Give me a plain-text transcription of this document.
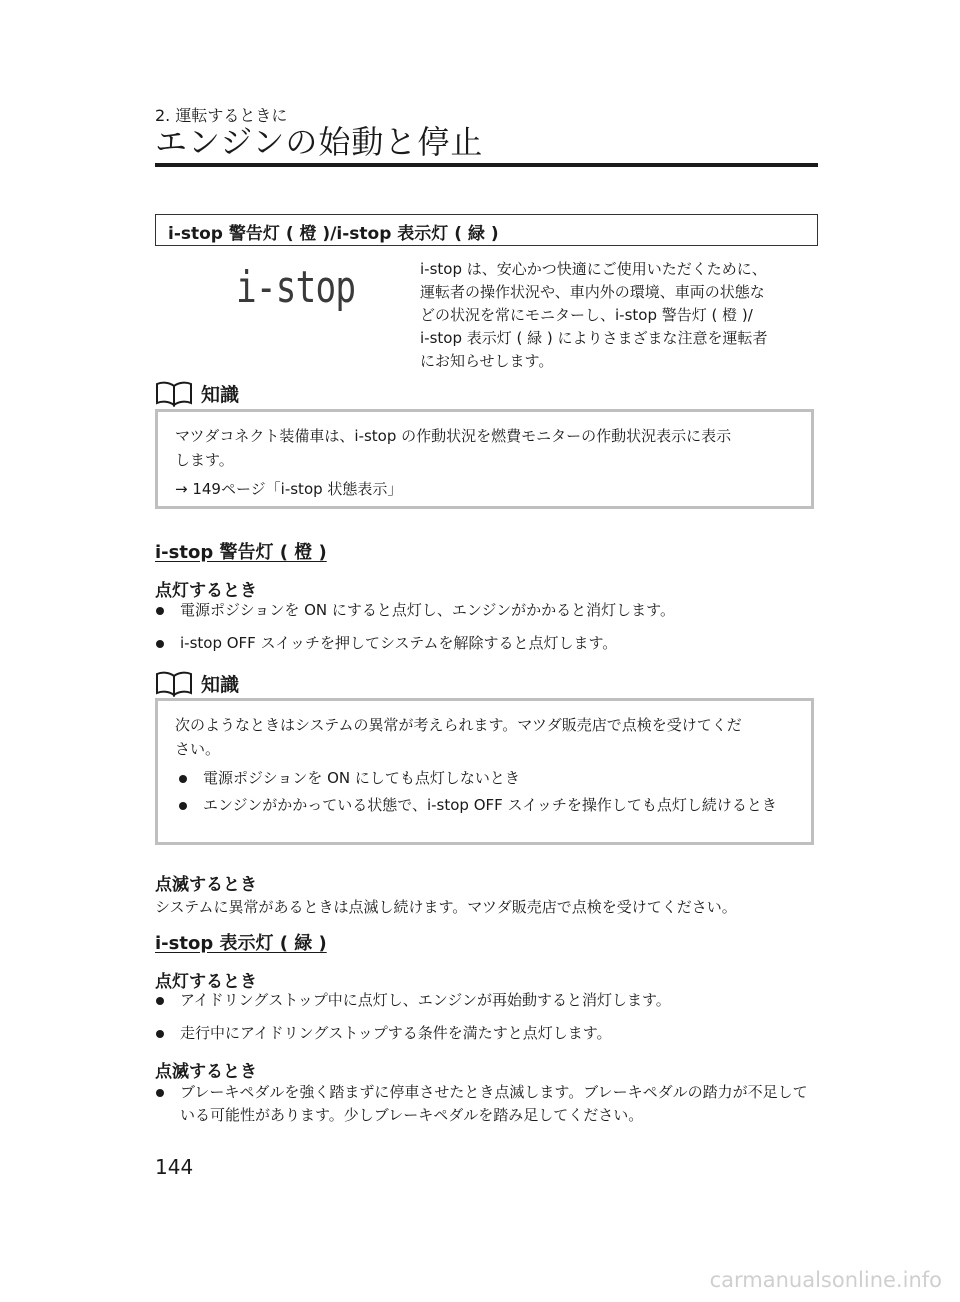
2. 運転するときに
エンジンの始動と停止
i-stop 警告灯 ( 橙 )/i-stop 表示灯 ( 緑 )
i-stop	i-stop は、安心かつ快適にご使用いただくために、

運転者の操作状況や、車内外の環境、車両の状態な

どの状況を常にモニターし、i-stop 警告灯 ( 橙 )/

i-stop 表示灯 ( 緑 ) によりさまざまな注意を運転者

にお知らせします。

知識

マツダコネクト装備車は、i-stop の作動状況を燃費モニターの作動状況表示に表示

します。

→ 149ページ「i-stop 状態表示」

i-stop 警告灯 ( 橙 )
点灯するとき
電源ポジションを ON にすると点灯し、エンジンがかかると消灯します。
i-stop OFF スイッチを押してシステムを解除すると点灯します。
知識

次のようなときはシステムの異常が考えられます。マツダ販売店で点検を受けてくだ

さい。

電源ポジションを ON にしても点灯しないとき
エンジンがかかっている状態で、i-stop OFF スイッチを操作しても点灯し続けるとき
点滅するとき
システムに異常があるときは点滅し続けます。マツダ販売店で点検を受けてください。
i-stop 表示灯 ( 緑 )
点灯するとき
アイドリングストップ中に点灯し、エンジンが再始動すると消灯します。
走行中にアイドリングストップする条件を満たすと点灯します。
点滅するとき
ブレーキペダルを強く踏まずに停車させたとき点滅します。ブレーキペダルの踏力が不足している可能性があります。少しブレーキペダルを踏み足してください。
144
carmanualsonline.info
